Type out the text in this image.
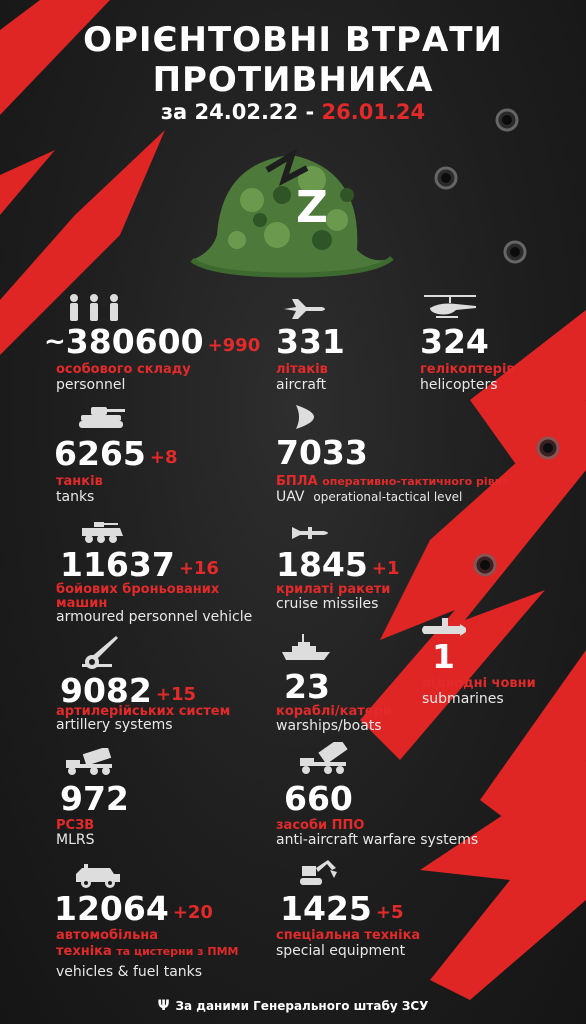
ОРІЄНТОВНІ ВТРАТИ
ПРОТИВНИКА
за 24.02.22 - 26.01.24
Z
~380600 $^{+990}$
особового складу
personnel
331
літаків
aircraft
324
гелікоптерів
helicopters
6265 $^{+8}$
танків
tanks
7033
БПЛА оперативно-тактичного рівня
UAV operational-tactical level
11637 $^{+16}$
бойових броньованих
машин
armoured personnel vehicle
1845 $^{+1}$
крилаті ракети
cruise missiles
1
підводні човни
submarines
9082 $^{+15}$
артилерійських систем
artillery systems
23
кораблі/катери
warships/boats
972
РСЗВ
MLRS
660
засоби ППО
anti-aircraft warfare systems
12064 $^{+20}$
автомобільна
техніка та цистерни з ПММ
vehicles & fuel tanks
1425 $^{+5}$
спеціальна техніка
special equipment
Ψ За даними Генерального штабу ЗСУ
